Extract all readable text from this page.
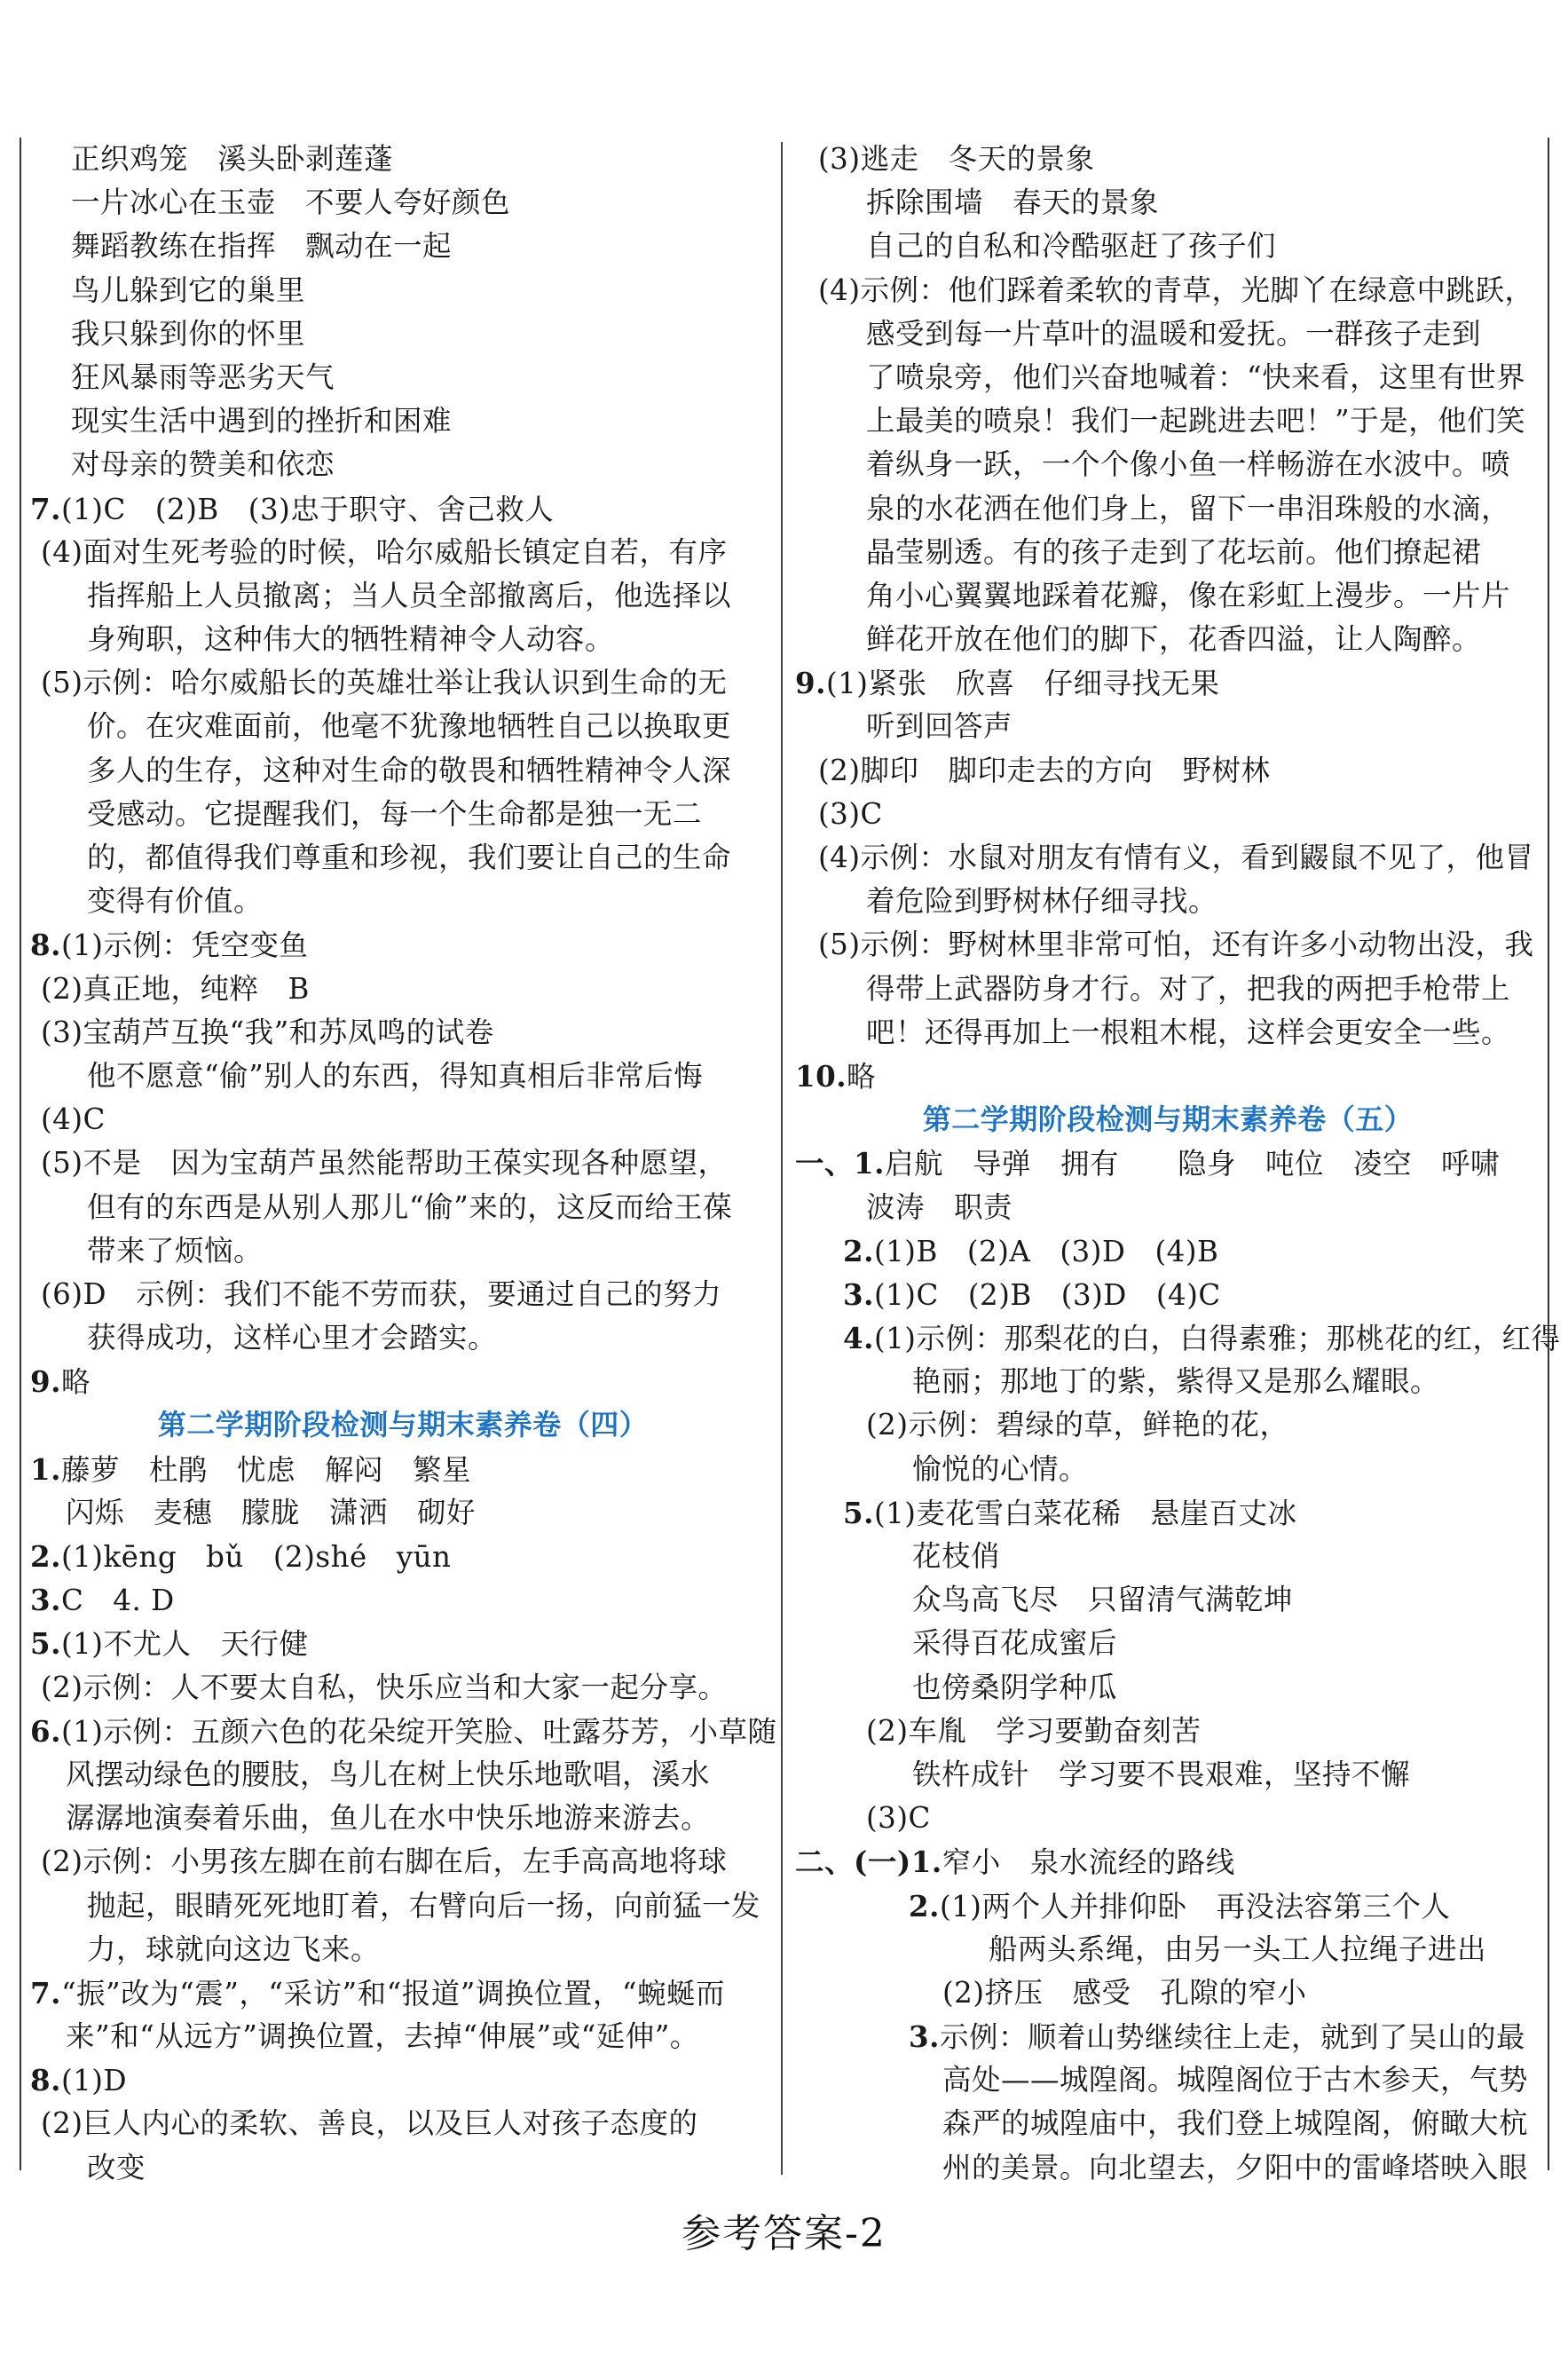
正织鸡笼　溪头卧剥莲蓬
一片冰心在玉壶　不要人夸好颜色
舞蹈教练在指挥　飘动在一起
鸟儿躲到它的巢里
我只躲到你的怀里
狂风暴雨等恶劣天气
现实生活中遇到的挫折和困难
对母亲的赞美和依恋
7.(1)C　(2)B　(3)忠于职守、舍己救人
(4)面对生死考验的时候，哈尔威船长镇定自若，有序
指挥船上人员撤离；当人员全部撤离后，他选择以
身殉职，这种伟大的牺牲精神令人动容。
(5)示例：哈尔威船长的英雄壮举让我认识到生命的无
价。在灾难面前，他毫不犹豫地牺牲自己以换取更
多人的生存，这种对生命的敬畏和牺牲精神令人深
受感动。它提醒我们，每一个生命都是独一无二
的，都值得我们尊重和珍视，我们要让自己的生命
变得有价值。
8.(1)示例：凭空变鱼
(2)真正地，纯粹　B
(3)宝葫芦互换“我”和苏凤鸣的试卷
他不愿意“偷”别人的东西，得知真相后非常后悔
(4)C
(5)不是　因为宝葫芦虽然能帮助王葆实现各种愿望，
但有的东西是从别人那儿“偷”来的，这反而给王葆
带来了烦恼。
(6)D　示例：我们不能不劳而获，要通过自己的努力
获得成功，这样心里才会踏实。
9.略
第二学期阶段检测与期末素养卷（四）
1.藤萝　杜鹃　忧虑　解闷　繁星
闪烁　麦穗　朦胧　潇洒　砌好
2.(1)kēng　bǔ　(2)shé　yūn
3.C　4. D
5.(1)不尤人　天行健
(2)示例：人不要太自私，快乐应当和大家一起分享。
6.(1)示例：五颜六色的花朵绽开笑脸、吐露芬芳，小草随
风摆动绿色的腰肢，鸟儿在树上快乐地歌唱，溪水
潺潺地演奏着乐曲，鱼儿在水中快乐地游来游去。
(2)示例：小男孩左脚在前右脚在后，左手高高地将球
抛起，眼睛死死地盯着，右臂向后一扬，向前猛一发
力，球就向这边飞来。
7.“振”改为“震”，“采访”和“报道”调换位置，“蜿蜒而
来”和“从远方”调换位置，去掉“伸展”或“延伸”。
8.(1)D
(2)巨人内心的柔软、善良，以及巨人对孩子态度的
改变
(3)逃走　冬天的景象
拆除围墙　春天的景象
自己的自私和冷酷驱赶了孩子们
(4)示例：他们踩着柔软的青草，光脚丫在绿意中跳跃，
感受到每一片草叶的温暖和爱抚。一群孩子走到
了喷泉旁，他们兴奋地喊着：“快来看，这里有世界
上最美的喷泉！我们一起跳进去吧！”于是，他们笑
着纵身一跃，一个个像小鱼一样畅游在水波中。喷
泉的水花洒在他们身上，留下一串泪珠般的水滴，
晶莹剔透。有的孩子走到了花坛前。他们撩起裙
角小心翼翼地踩着花瓣，像在彩虹上漫步。一片片
鲜花开放在他们的脚下，花香四溢，让人陶醉。
9.(1)紧张　欣喜　仔细寻找无果
听到回答声
(2)脚印　脚印走去的方向　野树林
(3)C
(4)示例：水鼠对朋友有情有义，看到鼹鼠不见了，他冒
着危险到野树林仔细寻找。
(5)示例：野树林里非常可怕，还有许多小动物出没，我
得带上武器防身才行。对了，把我的两把手枪带上
吧！还得再加上一根粗木棍，这样会更安全一些。
10.略
第二学期阶段检测与期末素养卷（五）
一、1.启航　导弹　拥有　　隐身　吨位　凌空　呼啸
波涛　职责
2.(1)B　(2)A　(3)D　(4)B
3.(1)C　(2)B　(3)D　(4)C
4.(1)示例：那梨花的白，白得素雅；那桃花的红，红得
艳丽；那地丁的紫，紫得又是那么耀眼。
(2)示例：碧绿的草，鲜艳的花，
愉悦的心情。
5.(1)麦花雪白菜花稀　悬崖百丈冰
花枝俏
众鸟高飞尽　只留清气满乾坤
采得百花成蜜后
也傍桑阴学种瓜
(2)车胤　学习要勤奋刻苦
铁杵成针　学习要不畏艰难，坚持不懈
(3)C
二、(一)1.窄小　泉水流经的路线
2.(1)两个人并排仰卧　再没法容第三个人
船两头系绳，由另一头工人拉绳子进出
(2)挤压　感受　孔隙的窄小
3.示例：顺着山势继续往上走，就到了吴山的最
高处——城隍阁。城隍阁位于古木参天，气势
森严的城隍庙中，我们登上城隍阁，俯瞰大杭
州的美景。向北望去，夕阳中的雷峰塔映入眼
参考答案-2
